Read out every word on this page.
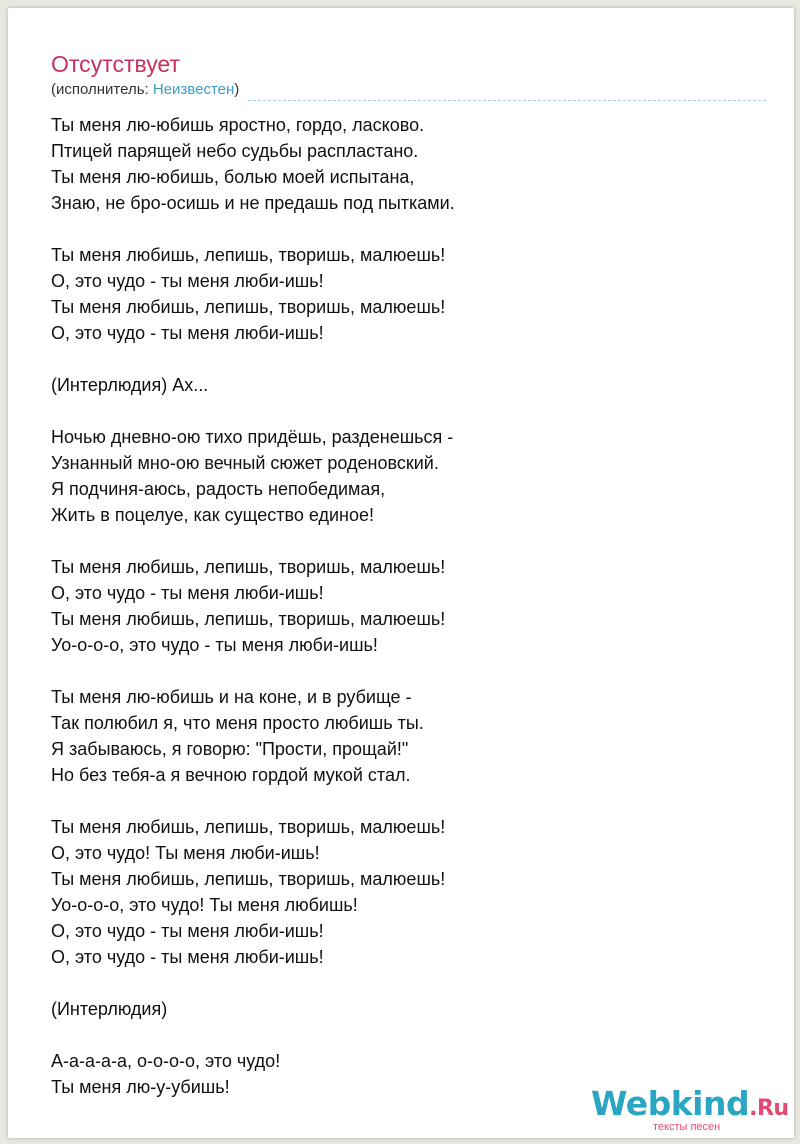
Отсутствует
(исполнитель: Неизвестен)
Ты меня лю-юбишь яростно, гордо, ласково.
Птицей парящей небо судьбы распластано.
Ты меня лю-юбишь, болью моей испытана,
Знаю, не бро-осишь и не предашь под пытками.
Ты меня любишь, лепишь, творишь, малюешь!
О, это чудо - ты меня люби-ишь!
Ты меня любишь, лепишь, творишь, малюешь!
О, это чудо - ты меня люби-ишь!
(Интерлюдия) Ах...
Ночью дневно-ою тихо придёшь, разденешься -
Узнанный мно-ою вечный сюжет роденовский.
Я подчиня-аюсь, радость непобедимая,
Жить в поцелуе, как существо единое!
Ты меня любишь, лепишь, творишь, малюешь!
О, это чудо - ты меня люби-ишь!
Ты меня любишь, лепишь, творишь, малюешь!
Уо-о-о-о, это чудо - ты меня люби-ишь!
Ты меня лю-юбишь и на коне, и в рубище -
Так полюбил я, что меня просто любишь ты.
Я забываюсь, я говорю: "Прости, прощай!"
Но без тебя-а я вечною гордой мукой стал.
Ты меня любишь, лепишь, творишь, малюешь!
О, это чудо! Ты меня люби-ишь!
Ты меня любишь, лепишь, творишь, малюешь!
Уо-о-о-о, это чудо! Ты меня любишь!
О, это чудо - ты меня люби-ишь!
О, это чудо - ты меня люби-ишь!
(Интерлюдия)
А-а-а-а-а, о-о-о-о, это чудо!
Ты меня лю-у-убишь!	Webkind.Ru
тексты песен
